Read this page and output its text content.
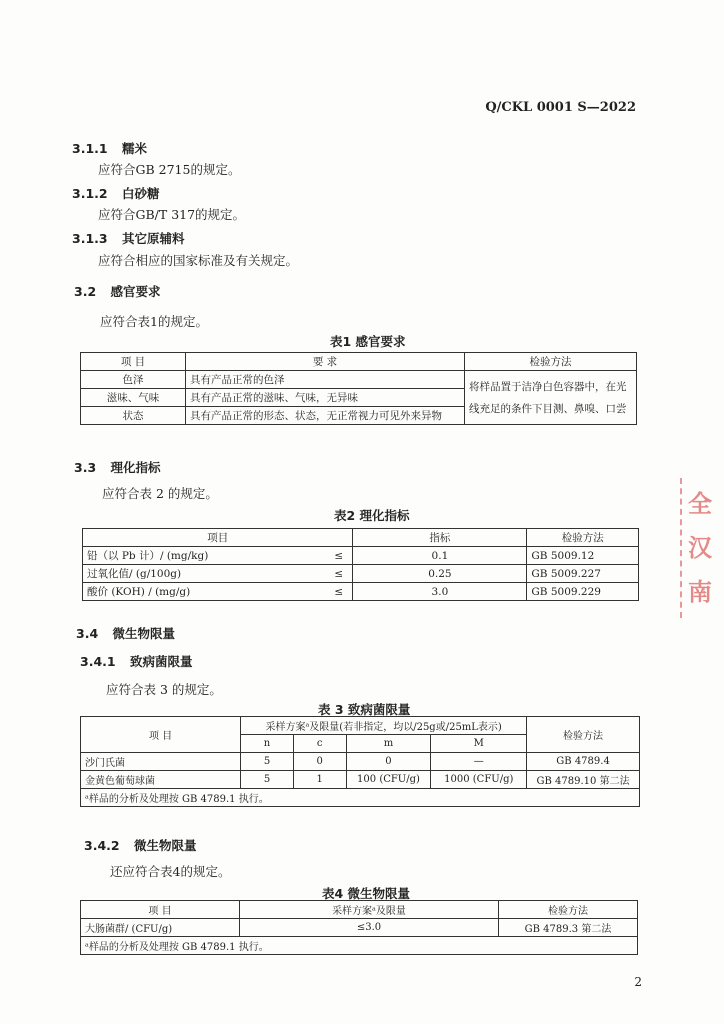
Q/CKL 0001 S—2022
3.1.1 糯米
应符合GB 2715的规定。
3.1.2 白砂糖
应符合GB/T 317的规定。
3.1.3 其它原辅料
应符合相应的国家标准及有关规定。
3.2 感官要求
应符合表1的规定。
表1 感官要求
项 目	要 求	检验方法
色泽	具有产品正常的色泽	将样品置于洁净白色容器中，在光线充足的条件下目测、鼻嗅、口尝
滋味、气味	具有产品正常的滋味、气味，无异味	
状态	具有产品正常的形态、状态，无正常视力可见外来异物	
3.3 理化指标
应符合表 2 的规定。
表2 理化指标
项目		指标	检验方法
铅（以 Pb 计）/ (mg/kg)	≤	0.1	GB 5009.12
过氧化值/ (g/100g)	≤	0.25	GB 5009.227
酸价 (KOH) / (mg/g)	≤	3.0	GB 5009.229
3.4 微生物限量
3.4.1 致病菌限量
应符合表 3 的规定。
表 3 致病菌限量
项 目	采样方案ᵃ及限量(若非指定，均以/25g或/25mL表示)				检验方法
	n	c	m	M	
沙门氏菌	5	0	0	—	GB 4789.4
金黄色葡萄球菌	5	1	100 (CFU/g)	1000 (CFU/g)	GB 4789.10 第二法
ᵃ样品的分析及处理按 GB 4789.1 执行。					
3.4.2 微生物限量
还应符合表4的规定。
表4 微生物限量
项 目	采样方案ᵃ及限量	检验方法
大肠菌群/ (CFU/g)	≤3.0	GB 4789.3 第二法
ᵃ样品的分析及处理按 GB 4789.1 执行。		
2
全
汉
南
